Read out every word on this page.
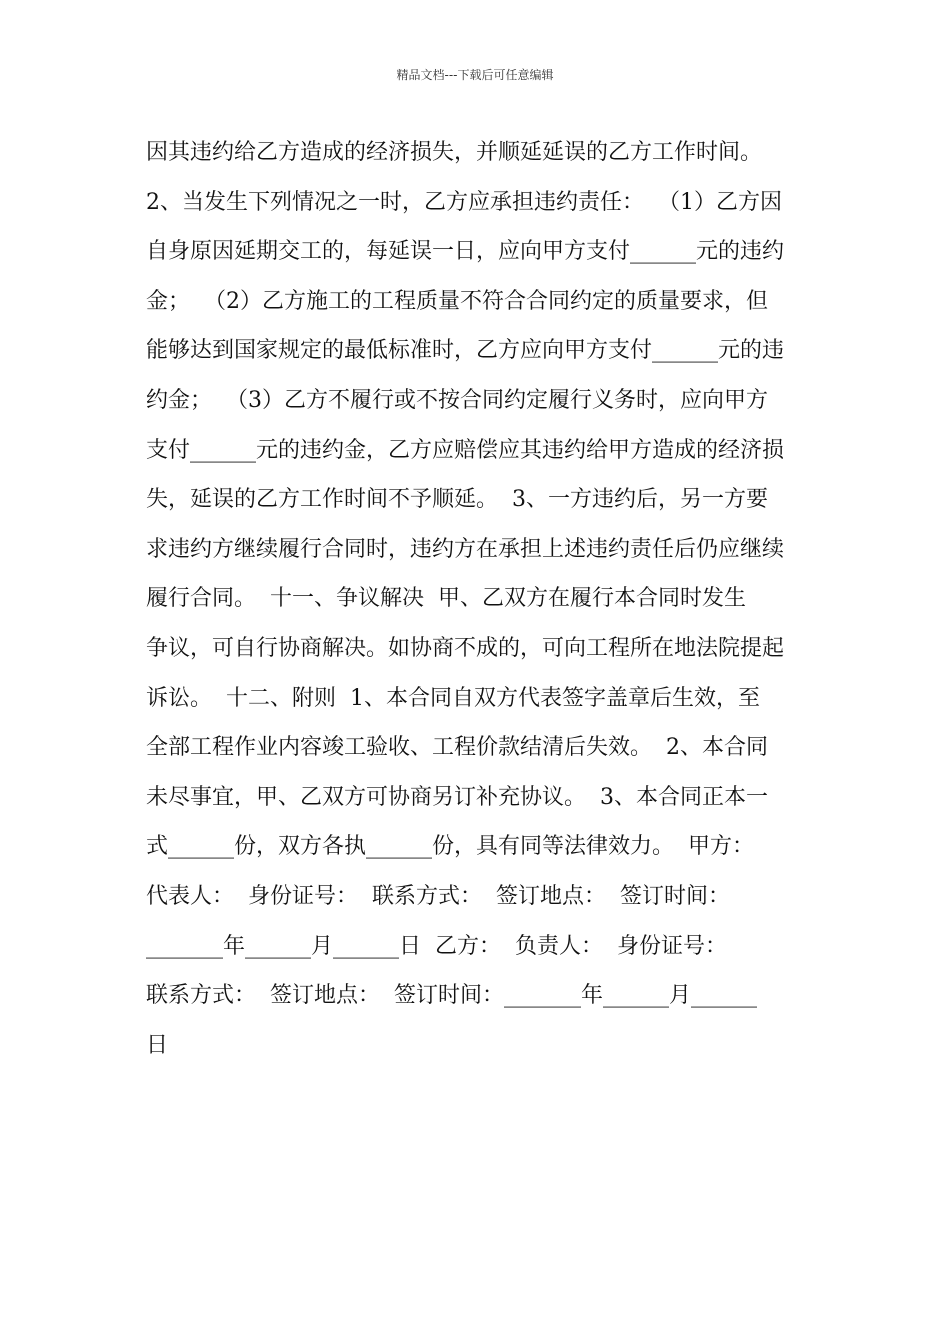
精品文档---下载后可任意编辑
因其违约给乙方造成的经济损失，并顺延延误的乙方工作时间。
2、当发生下列情况之一时，乙方应承担违约责任：  （1）乙方因
自身原因延期交工的，每延误一日，应向甲方支付______元的违约
金；  （2）乙方施工的工程质量不符合合同约定的质量要求，但
能够达到国家规定的最低标准时，乙方应向甲方支付______元的违
约金；  （3）乙方不履行或不按合同约定履行义务时，应向甲方
支付______元的违约金，乙方应赔偿应其违约给甲方造成的经济损
失，延误的乙方工作时间不予顺延。  3、一方违约后，另一方要
求违约方继续履行合同时，违约方在承担上述违约责任后仍应继续
履行合同。  十一、争议解决  甲、乙双方在履行本合同时发生
争议，可自行协商解决。如协商不成的，可向工程所在地法院提起
诉讼。  十二、附则  1、本合同自双方代表签字盖章后生效，至
全部工程作业内容竣工验收、工程价款结清后失效。  2、本合同
未尽事宜，甲、乙双方可协商另订补充协议。  3、本合同正本一
式______份，双方各执______份，具有同等法律效力。  甲方：
代表人：  身份证号：  联系方式：  签订地点：  签订时间：
_______年______月______日  乙方：  负责人：  身份证号：
联系方式：  签订地点：  签订时间：_______年______月______
日
